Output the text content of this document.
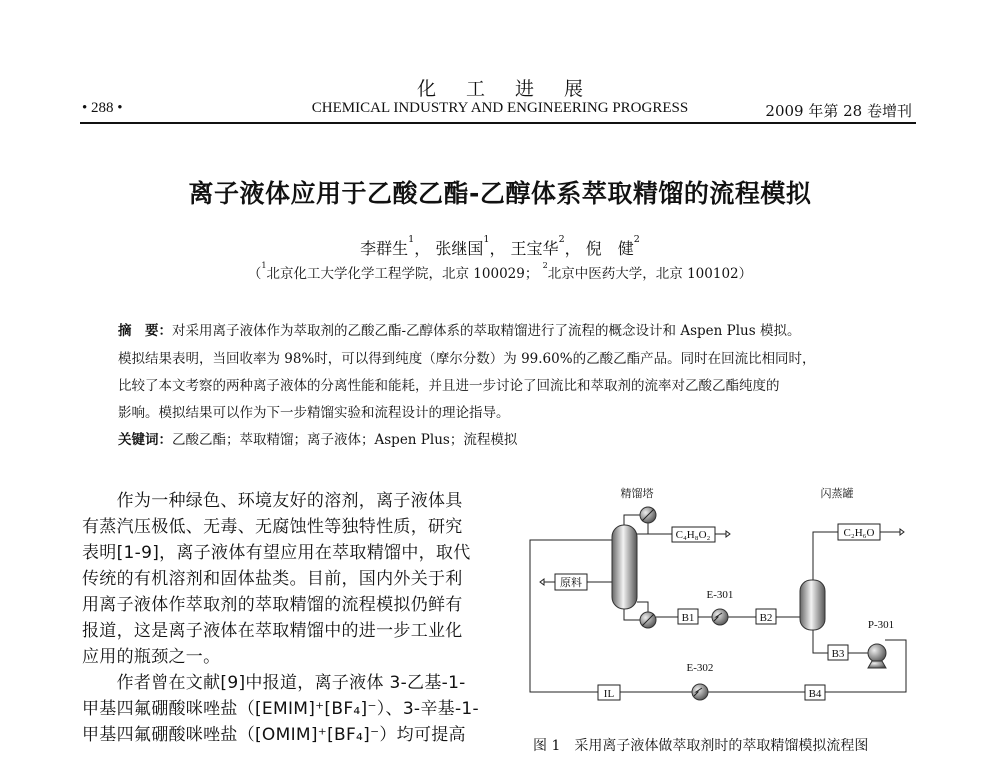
化工进展
• 288 •	CHEMICAL INDUSTRY AND ENGINEERING PROGRESS	2009 年第 28 卷增刊
离子液体应用于乙酸乙酯-乙醇体系萃取精馏的流程模拟
李群生$^1$， 张继国$^1$， 王宝华$^2$， 倪　健$^2$
（$^1$北京化工大学化学工程学院，北京 100029； $^2$北京中医药大学，北京 100102）
摘　要：对采用离子液体作为萃取剂的乙酸乙酯-乙醇体系的萃取精馏进行了流程的概念设计和 Aspen Plus 模拟。
模拟结果表明，当回收率为 98%时，可以得到纯度（摩尔分数）为 99.60%的乙酸乙酯产品。同时在回流比相同时，
比较了本文考察的两种离子液体的分离性能和能耗，并且进一步讨论了回流比和萃取剂的流率对乙酸乙酯纯度的
影响。模拟结果可以作为下一步精馏实验和流程设计的理论指导。
关键词：乙酸乙酯；萃取精馏；离子液体；Aspen Plus；流程模拟
　　作为一种绿色、环境友好的溶剂，离子液体具
有蒸汽压极低、无毒、无腐蚀性等独特性质，研究
表明[1-9]，离子液体有望应用在萃取精馏中，取代
传统的有机溶剂和固体盐类。目前，国内外关于利
用离子液体作萃取剂的萃取精馏的流程模拟仍鲜有
报道，这是离子液体在萃取精馏中的进一步工业化
应用的瓶颈之一。
　　作者曾在文献[9]中报道，离子液体 3-乙基-1-
甲基四氟硼酸咪唑盐（[EMIM]⁺[BF₄]⁻）、3-辛基-1-
甲基四氟硼酸咪唑盐（[OMIM]⁺[BF₄]⁻）均可提高
精馏塔	闪蒸罐
C₄H₈O₂	C₂H₆O
原料
B1	B2
B3
B4
IL
E-301
E-302
P-301
图 1　采用离子液体做萃取剂时的萃取精馏模拟流程图
